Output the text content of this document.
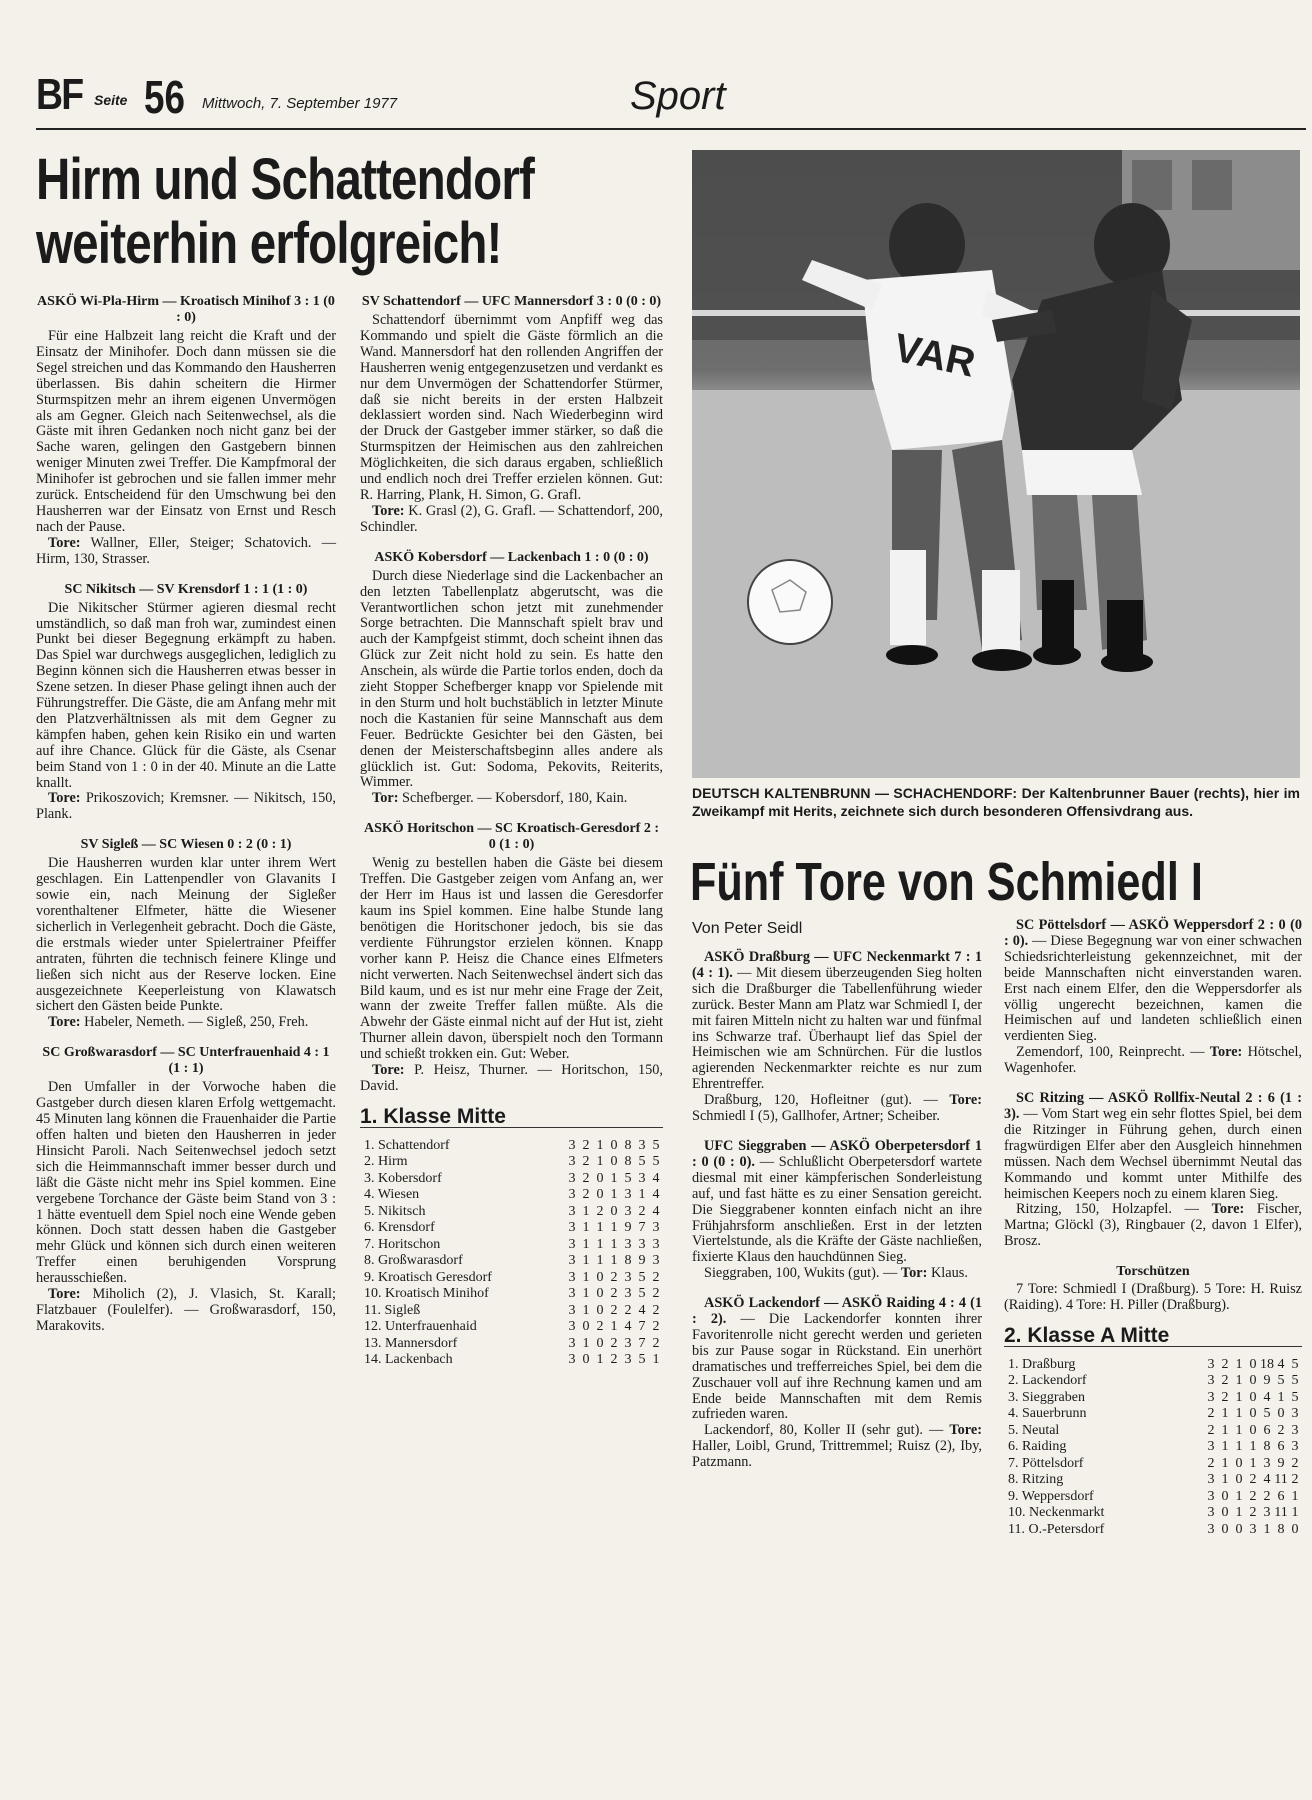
BF Seite 56 Mittwoch, 7. September 1977	Sport
Hirm und Schattendorf weiterhin erfolgreich!
ASKÖ Wi-Pla-Hirm — Kroatisch Minihof 3 : 1 (0 : 0)

Für eine Halbzeit lang reicht die Kraft und der Einsatz der Minihofer. Doch dann müssen sie die Segel streichen und das Kommando den Hausherren überlassen. Bis dahin scheitern die Hirmer Sturmspitzen mehr an ihrem eigenen Unvermögen als am Gegner. Gleich nach Seitenwechsel, als die Gäste mit ihren Gedanken noch nicht ganz bei der Sache waren, gelingen den Gastgebern binnen weniger Minuten zwei Treffer. Die Kampfmoral der Minihofer ist gebrochen und sie fallen immer mehr zurück. Entscheidend für den Umschwung bei den Hausherren war der Einsatz von Ernst und Resch nach der Pause.

Tore: Wallner, Eller, Steiger; Schatovich. — Hirm, 130, Strasser.

SC Nikitsch — SV Krensdorf 1 : 1 (1 : 0)

Die Nikitscher Stürmer agieren diesmal recht umständlich, so daß man froh war, zumindest einen Punkt bei dieser Begegnung erkämpft zu haben. Das Spiel war durchwegs ausgeglichen, lediglich zu Beginn können sich die Hausherren etwas besser in Szene setzen. In dieser Phase gelingt ihnen auch der Führungstreffer. Die Gäste, die am Anfang mehr mit den Platzverhältnissen als mit dem Gegner zu kämpfen haben, gehen kein Risiko ein und warten auf ihre Chance. Glück für die Gäste, als Csenar beim Stand von 1 : 0 in der 40. Minute an die Latte knallt.

Tore: Prikoszovich; Kremsner. — Nikitsch, 150, Plank.

SV Siglеß — SC Wiesen 0 : 2 (0 : 1)

Die Hausherren wurden klar unter ihrem Wert geschlagen. Ein Lattenpendler von Glavanits I sowie ein, nach Meinung der Siglеßer vorenthaltener Elfmeter, hätte die Wiesener sicherlich in Verlegenheit gebracht. Doch die Gäste, die erstmals wieder unter Spielertrainer Pfeiffer antraten, führten die technisch feinere Klinge und ließen sich nicht aus der Reserve locken. Eine ausgezeichnete Keeperleistung von Klawatsch sichert den Gästen beide Punkte.

Tore: Habeler, Nemeth. — Siglеß, 250, Freh.

SC Großwarasdorf — SC Unterfrauenhaid 4 : 1 (1 : 1)

Den Umfaller in der Vorwoche haben die Gastgeber durch diesen klaren Erfolg wettgemacht. 45 Minuten lang können die Frauenhaider die Partie offen halten und bieten den Hausherren in jeder Hinsicht Paroli. Nach Seitenwechsel jedoch setzt sich die Heimmannschaft immer besser durch und läßt die Gäste nicht mehr ins Spiel kommen. Eine vergebene Torchance der Gäste beim Stand von 3 : 1 hätte eventuell dem Spiel noch eine Wende geben können. Doch statt dessen haben die Gastgeber mehr Glück und können sich durch einen weiteren Treffer einen beruhigenden Vorsprung herausschießen.

Tore: Miholich (2), J. Vlasich, St. Karall; Flatzbauer (Foulelfer). — Großwarasdorf, 150, Marakovits.

SV Schattendorf — UFC Mannersdorf 3 : 0 (0 : 0)

Schattendorf übernimmt vom Anpfiff weg das Kommando und spielt die Gäste förmlich an die Wand. Mannersdorf hat den rollenden Angriffen der Hausherren wenig entgegenzusetzen und verdankt es nur dem Unvermögen der Schattendorfer Stürmer, daß sie nicht bereits in der ersten Halbzeit deklassiert worden sind. Nach Wiederbeginn wird der Druck der Gastgeber immer stärker, so daß die Sturmspitzen der Heimischen aus den zahlreichen Möglichkeiten, die sich daraus ergaben, schließlich und endlich noch drei Treffer erzielen können. Gut: R. Harring, Plank, H. Simon, G. Grafl.

Tore: K. Grasl (2), G. Grafl. — Schattendorf, 200, Schindler.

ASKÖ Kobersdorf — Lackenbach 1 : 0 (0 : 0)

Durch diese Niederlage sind die Lackenbacher an den letzten Tabellenplatz abgerutscht, was die Verantwortlichen schon jetzt mit zunehmender Sorge betrachten. Die Mannschaft spielt brav und auch der Kampfgeist stimmt, doch scheint ihnen das Glück zur Zeit nicht hold zu sein. Es hatte den Anschein, als würde die Partie torlos enden, doch da zieht Stopper Schefberger knapp vor Spielende mit in den Sturm und holt buchstäblich in letzter Minute noch die Kastanien für seine Mannschaft aus dem Feuer. Bedrückte Gesichter bei den Gästen, bei denen der Meisterschaftsbeginn alles andere als glücklich ist. Gut: Sodoma, Pekovits, Reiterits, Wimmer.

Tor: Schefberger. — Kobersdorf, 180, Kain.

ASKÖ Horitschon — SC Kroatisch-Geresdorf 2 : 0 (1 : 0)

Wenig zu bestellen haben die Gäste bei diesem Treffen. Die Gastgeber zeigen vom Anfang an, wer der Herr im Haus ist und lassen die Geresdorfer kaum ins Spiel kommen. Eine halbe Stunde lang benötigen die Horitschoner jedoch, bis sie das verdiente Führungstor erzielen können. Knapp vorher kann P. Heisz die Chance eines Elfmeters nicht verwerten. Nach Seitenwechsel ändert sich das Bild kaum, und es ist nur mehr eine Frage der Zeit, wann der zweite Treffer fallen müßte. Als die Abwehr der Gäste einmal nicht auf der Hut ist, zieht Thurner allein davon, überspielt noch den Tormann und schießt trokken ein. Gut: Weber.

Tore: P. Heisz, Thurner. — Horitschon, 150, David.

1. Klasse Mitte
1. Schattendorf	3	2	1	0	8	3	5
2. Hirm	3	2	1	0	8	5	5
3. Kobersdorf	3	2	0	1	5	3	4
4. Wiesen	3	2	0	1	3	1	4
5. Nikitsch	3	1	2	0	3	2	4
6. Krensdorf	3	1	1	1	9	7	3
7. Horitschon	3	1	1	1	3	3	3
8. Großwarasdorf	3	1	1	1	8	9	3
9. Kroatisch Geresdorf	3	1	0	2	3	5	2
10. Kroatisch Minihof	3	1	0	2	3	5	2
11. Siglеß	3	1	0	2	2	4	2
12. Unterfrauenhaid	3	0	2	1	4	7	2
13. Mannersdorf	3	1	0	2	3	7	2
14. Lackenbach	3	0	1	2	3	5	1
VAR
DEUTSCH KALTENBRUNN — SCHACHENDORF: Der Kaltenbrunner Bauer (rechts), hier im Zweikampf mit Herits, zeichnete sich durch besonderen Offensivdrang aus.
Fünf Tore von Schmiedl I
Von Peter Seidl

ASKÖ Draßburg — UFC Neckenmarkt 7 : 1 (4 : 1). — Mit diesem überzeugenden Sieg holten sich die Draßburger die Tabellenführung wieder zurück. Bester Mann am Platz war Schmiedl I, der mit fairen Mitteln nicht zu halten war und fünfmal ins Schwarze traf. Überhaupt lief das Spiel der Heimischen wie am Schnürchen. Für die lustlos agierenden Neckenmarkter reichte es nur zum Ehrentreffer.

Draßburg, 120, Hofleitner (gut). — Tore: Schmiedl I (5), Gallhofer, Artner; Scheiber.

UFC Sieggraben — ASKÖ Oberpetersdorf 1 : 0 (0 : 0). — Schlußlicht Oberpetersdorf wartete diesmal mit einer kämpferischen Sonderleistung auf, und fast hätte es zu einer Sensation gereicht. Die Sieggrabener konnten einfach nicht an ihre Frühjahrsform anschließen. Erst in der letzten Viertelstunde, als die Kräfte der Gäste nachließen, fixierte Klaus den hauchdünnen Sieg.

Sieggraben, 100, Wukits (gut). — Tor: Klaus.

ASKÖ Lackendorf — ASKÖ Raiding 4 : 4 (1 : 2). — Die Lackendorfer konnten ihrer Favoritenrolle nicht gerecht werden und gerieten bis zur Pause sogar in Rückstand. Ein unerhört dramatisches und trefferreiches Spiel, bei dem die Zuschauer voll auf ihre Rechnung kamen und am Ende beide Mannschaften mit dem Remis zufrieden waren.

Lackendorf, 80, Koller II (sehr gut). — Tore: Haller, Loibl, Grund, Trittremmel; Ruisz (2), Iby, Patzmann.

SC Pöttelsdorf — ASKÖ Weppersdorf 2 : 0 (0 : 0). — Diese Begegnung war von einer schwachen Schiedsrichterleistung gekennzeichnet, mit der beide Mannschaften nicht einverstanden waren. Erst nach einem Elfer, den die Weppersdorfer als völlig ungerecht bezeichnen, kamen die Heimischen auf und landeten schließlich einen verdienten Sieg.

Zemendorf, 100, Reinprecht. — Tore: Hötschel, Wagenhofer.

SC Ritzing — ASKÖ Rollfix-Neutal 2 : 6 (1 : 3). — Vom Start weg ein sehr flottes Spiel, bei dem die Ritzinger in Führung gehen, durch einen fragwürdigen Elfer aber den Ausgleich hinnehmen müssen. Nach dem Wechsel übernimmt Neutal das Kommando und kommt unter Mithilfe des heimischen Keepers noch zu einem klaren Sieg.

Ritzing, 150, Holzapfel. — Tore: Fischer, Martna; Glöckl (3), Ringbauer (2, davon 1 Elfer), Brosz.

Torschützen

7 Tore: Schmiedl I (Draßburg). 5 Tore: H. Ruisz (Raiding). 4 Tore: H. Piller (Draßburg).

2. Klasse A Mitte
1. Draßburg	3	2	1	0	18	4	5
2. Lackendorf	3	2	1	0	9	5	5
3. Sieggraben	3	2	1	0	4	1	5
4. Sauerbrunn	2	1	1	0	5	0	3
5. Neutal	2	1	1	0	6	2	3
6. Raiding	3	1	1	1	8	6	3
7. Pöttelsdorf	2	1	0	1	3	9	2
8. Ritzing	3	1	0	2	4	11	2
9. Weppersdorf	3	0	1	2	2	6	1
10. Neckenmarkt	3	0	1	2	3	11	1
11. O.-Petersdorf	3	0	0	3	1	8	0
